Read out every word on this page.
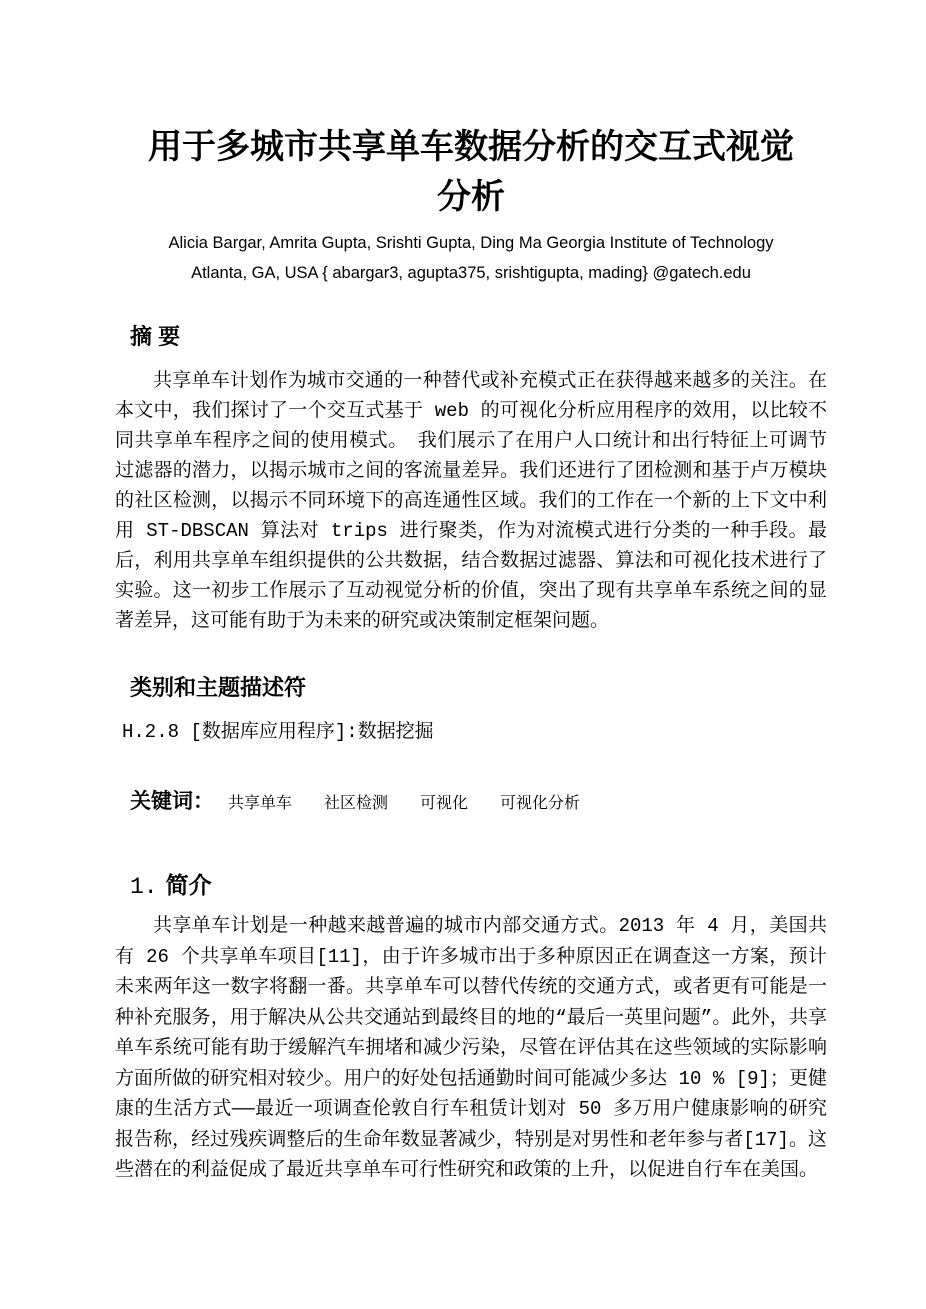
用于多城市共享单车数据分析的交互式视觉
分析
Alicia Bargar, Amrita Gupta, Srishti Gupta, Ding Ma Georgia Institute of Technology
Atlanta, GA, USA { abargar3, agupta375, srishtigupta, mading} @gatech.edu
摘 要

共享单车计划作为城市交通的一种替代或补充模式正在获得越来越多的关注。在本文中，我们探讨了一个交互式基于 web 的可视化分析应用程序的效用，以比较不同共享单车程序之间的使用模式。　我们展示了在用户人口统计和出行特征上可调节过滤器的潜力，以揭示城市之间的客流量差异。我们还进行了团检测和基于卢万模块的社区检测，以揭示不同环境下的高连通性区域。我们的工作在一个新的上下文中利用 ST-DBSCAN 算法对 trips 进行聚类，作为对流模式进行分类的一种手段。最后，利用共享单车组织提供的公共数据，结合数据过滤器、算法和可视化技术进行了实验。这一初步工作展示了互动视觉分析的价值，突出了现有共享单车系统之间的显著差异，这可能有助于为未来的研究或决策制定框架问题。

类别和主题描述符

H.2.8 [数据库应用程序]:数据挖掘

关键词： 共享单车 社区检测 可视化 可视化分析
1. 简介

共享单车计划是一种越来越普遍的城市内部交通方式。2013 年 4 月，美国共有 26 个共享单车项目[11]，由于许多城市出于多种原因正在调查这一方案，预计未来两年这一数字将翻一番。共享单车可以替代传统的交通方式，或者更有可能是一种补充服务，用于解决从公共交通站到最终目的地的“最后一英里问题”。此外，共享单车系统可能有助于缓解汽车拥堵和减少污染，尽管在评估其在这些领域的实际影响方面所做的研究相对较少。用户的好处包括通勤时间可能减少多达 10 % [9]；更健康的生活方式——最近一项调查伦敦自行车租赁计划对 50 多万用户健康影响的研究报告称，经过残疾调整后的生命年数显著减少，特别是对男性和老年参与者[17]。这些潜在的利益促成了最近共享单车可行性研究和政策的上升，以促进自行车在美国。
